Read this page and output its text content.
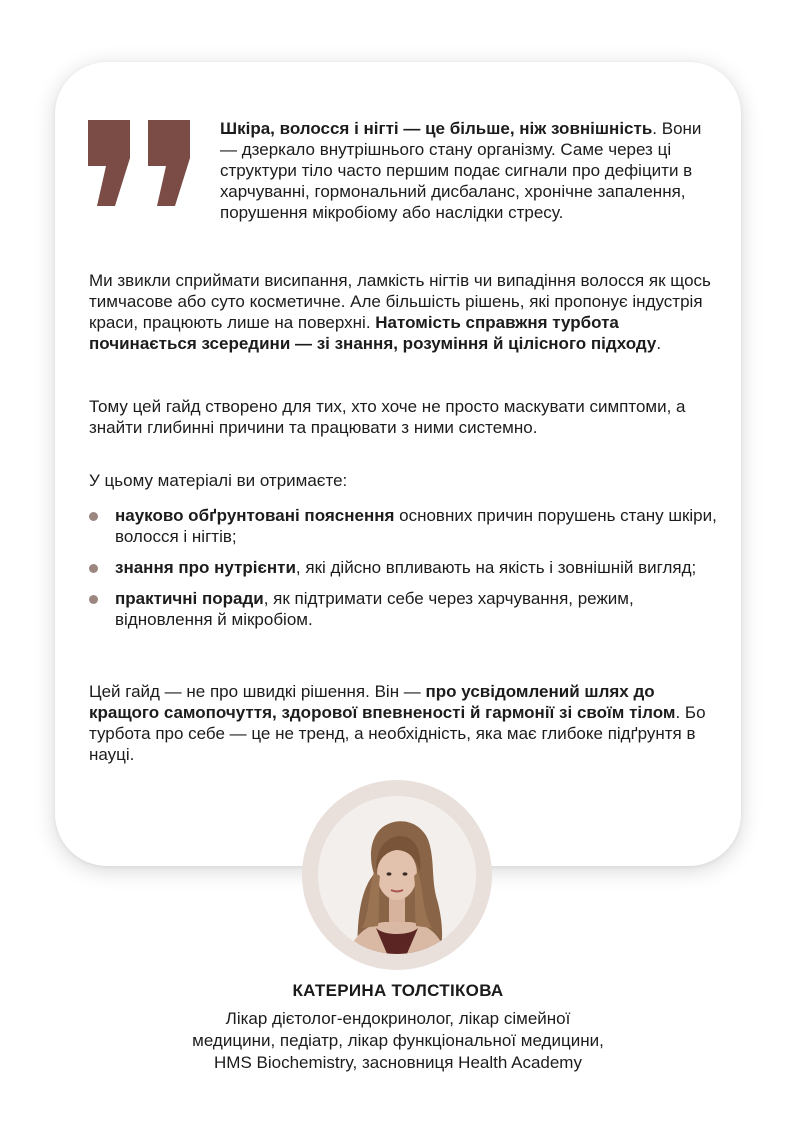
Шкіра, волосся і нігті — це більше, ніж зовнішність. Вони — дзеркало внутрішнього стану організму. Саме через ці структури тіло часто першим подає сигнали про дефіцити в харчуванні, гормональний дисбаланс, хронічне запалення, порушення мікробіому або наслідки стресу.

Ми звикли сприймати висипання, ламкість нігтів чи випадіння волосся як щось тимчасове або суто косметичне. Але більшість рішень, які пропонує індустрія краси, працюють лише на поверхні. Натомість справжня турбота починається зсередини — зі знання, розуміння й цілісного підходу.

Тому цей гайд створено для тих, хто хоче не просто маскувати симптоми, а знайти глибинні причини та працювати з ними системно.

У цьому матеріалі ви отримаєте:

науково обґрунтовані пояснення основних причин порушень стану шкіри, волосся і нігтів;
знання про нутрієнти, які дійсно впливають на якість і зовнішній вигляд;
практичні поради, як підтримати себе через харчування, режим, відновлення й мікробіом.

Цей гайд — не про швидкі рішення. Він — про усвідомлений шлях до кращого самопочуття, здорової впевненості й гармонії зі своїм тілом. Бо турбота про себе — це не тренд, а необхідність, яка має глибоке підґрунтя в науці.

КАТЕРИНА ТОЛСТІКОВА

Лікар дієтолог-ендокринолог, лікар сімейної
медицини, педіатр, лікар функціональної медицини,
HMS Biochemistry, засновниця Health Academy
